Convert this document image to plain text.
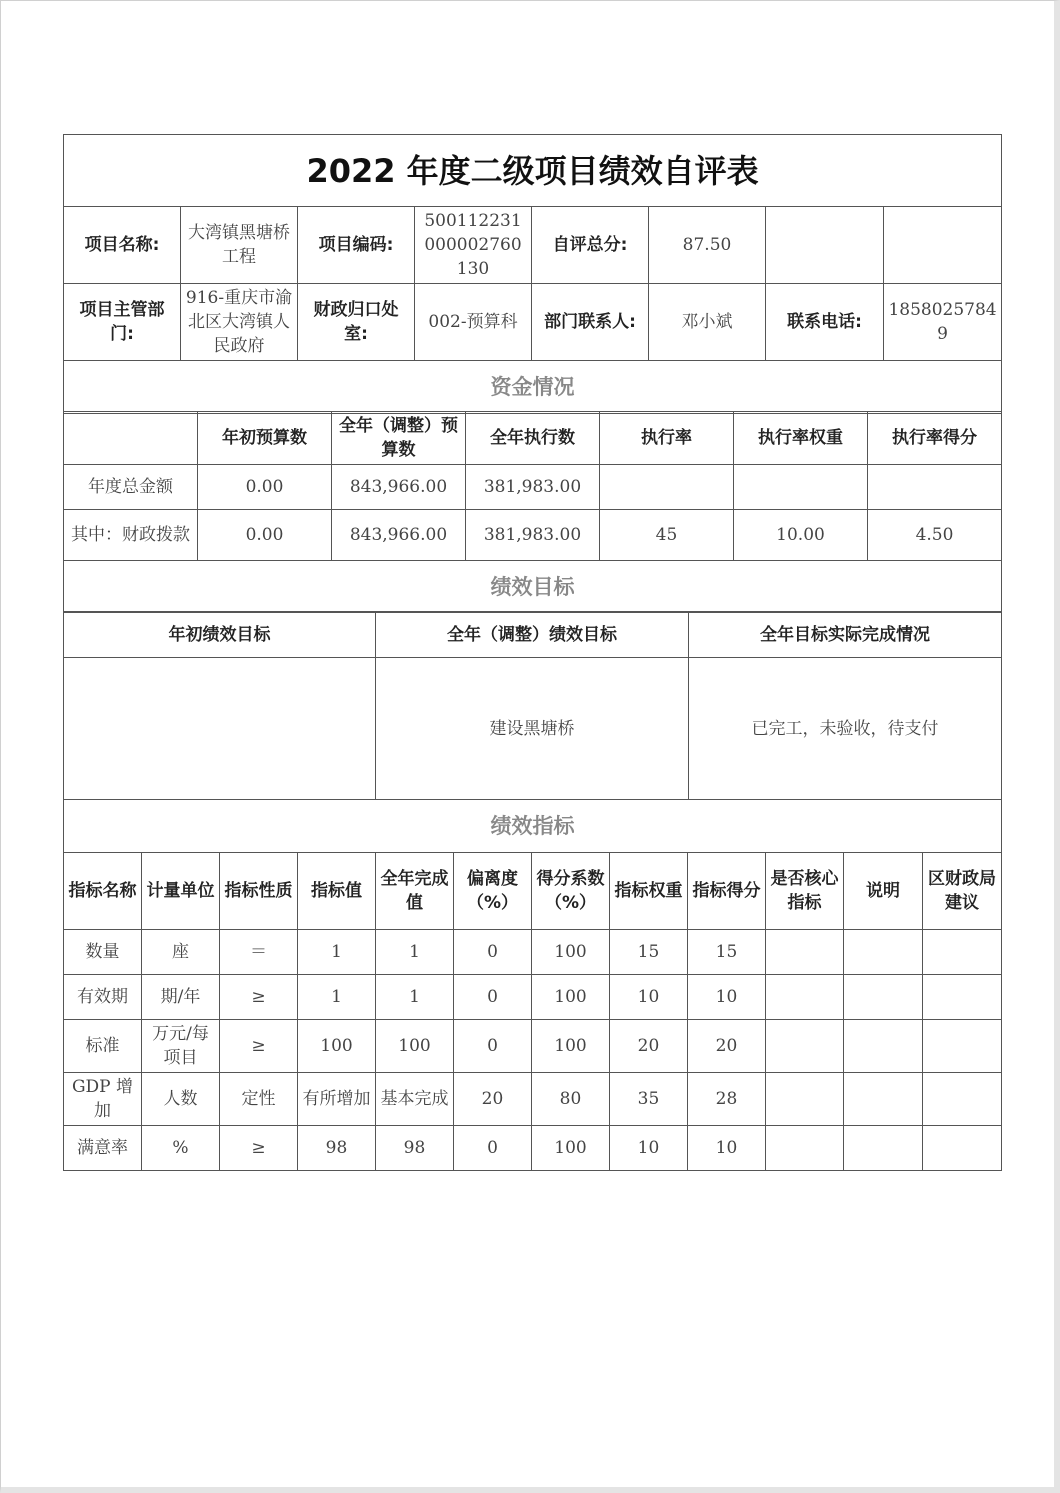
2022 年度二级项目绩效自评表							
项目名称:	大湾镇黑塘桥工程	项目编码:	500112231000002760130	自评总分:	87.50		
项目主管部门:	916-重庆市渝北区大湾镇人民政府	财政归口处室:	002-预算科	部门联系人:	邓小斌	联系电话:	18580257849
资金情况							
	年初预算数	全年（调整）预算数	全年执行数	执行率	执行率权重	执行率得分
年度总金额	0.00	843,966.00	381,983.00			
其中：财政拨款	0.00	843,966.00	381,983.00	45	10.00	4.50
绩效目标						
年初绩效目标	全年（调整）绩效目标	全年目标实际完成情况
	建设黑塘桥	已完工，未验收，待支付
绩效指标		
指标名称	计量单位	指标性质	指标值	全年完成值	偏离度（%）	得分系数（%）	指标权重	指标得分	是否核心指标	说明	区财政局建议
数量	座	＝	1	1	0	100	15	15			
有效期	期/年	≥	1	1	0	100	10	10			
标准	万元/每项目	≥	100	100	0	100	20	20			
GDP 增加	人数	定性	有所增加	基本完成	20	80	35	28			
满意率	%	≥	98	98	0	100	10	10			
